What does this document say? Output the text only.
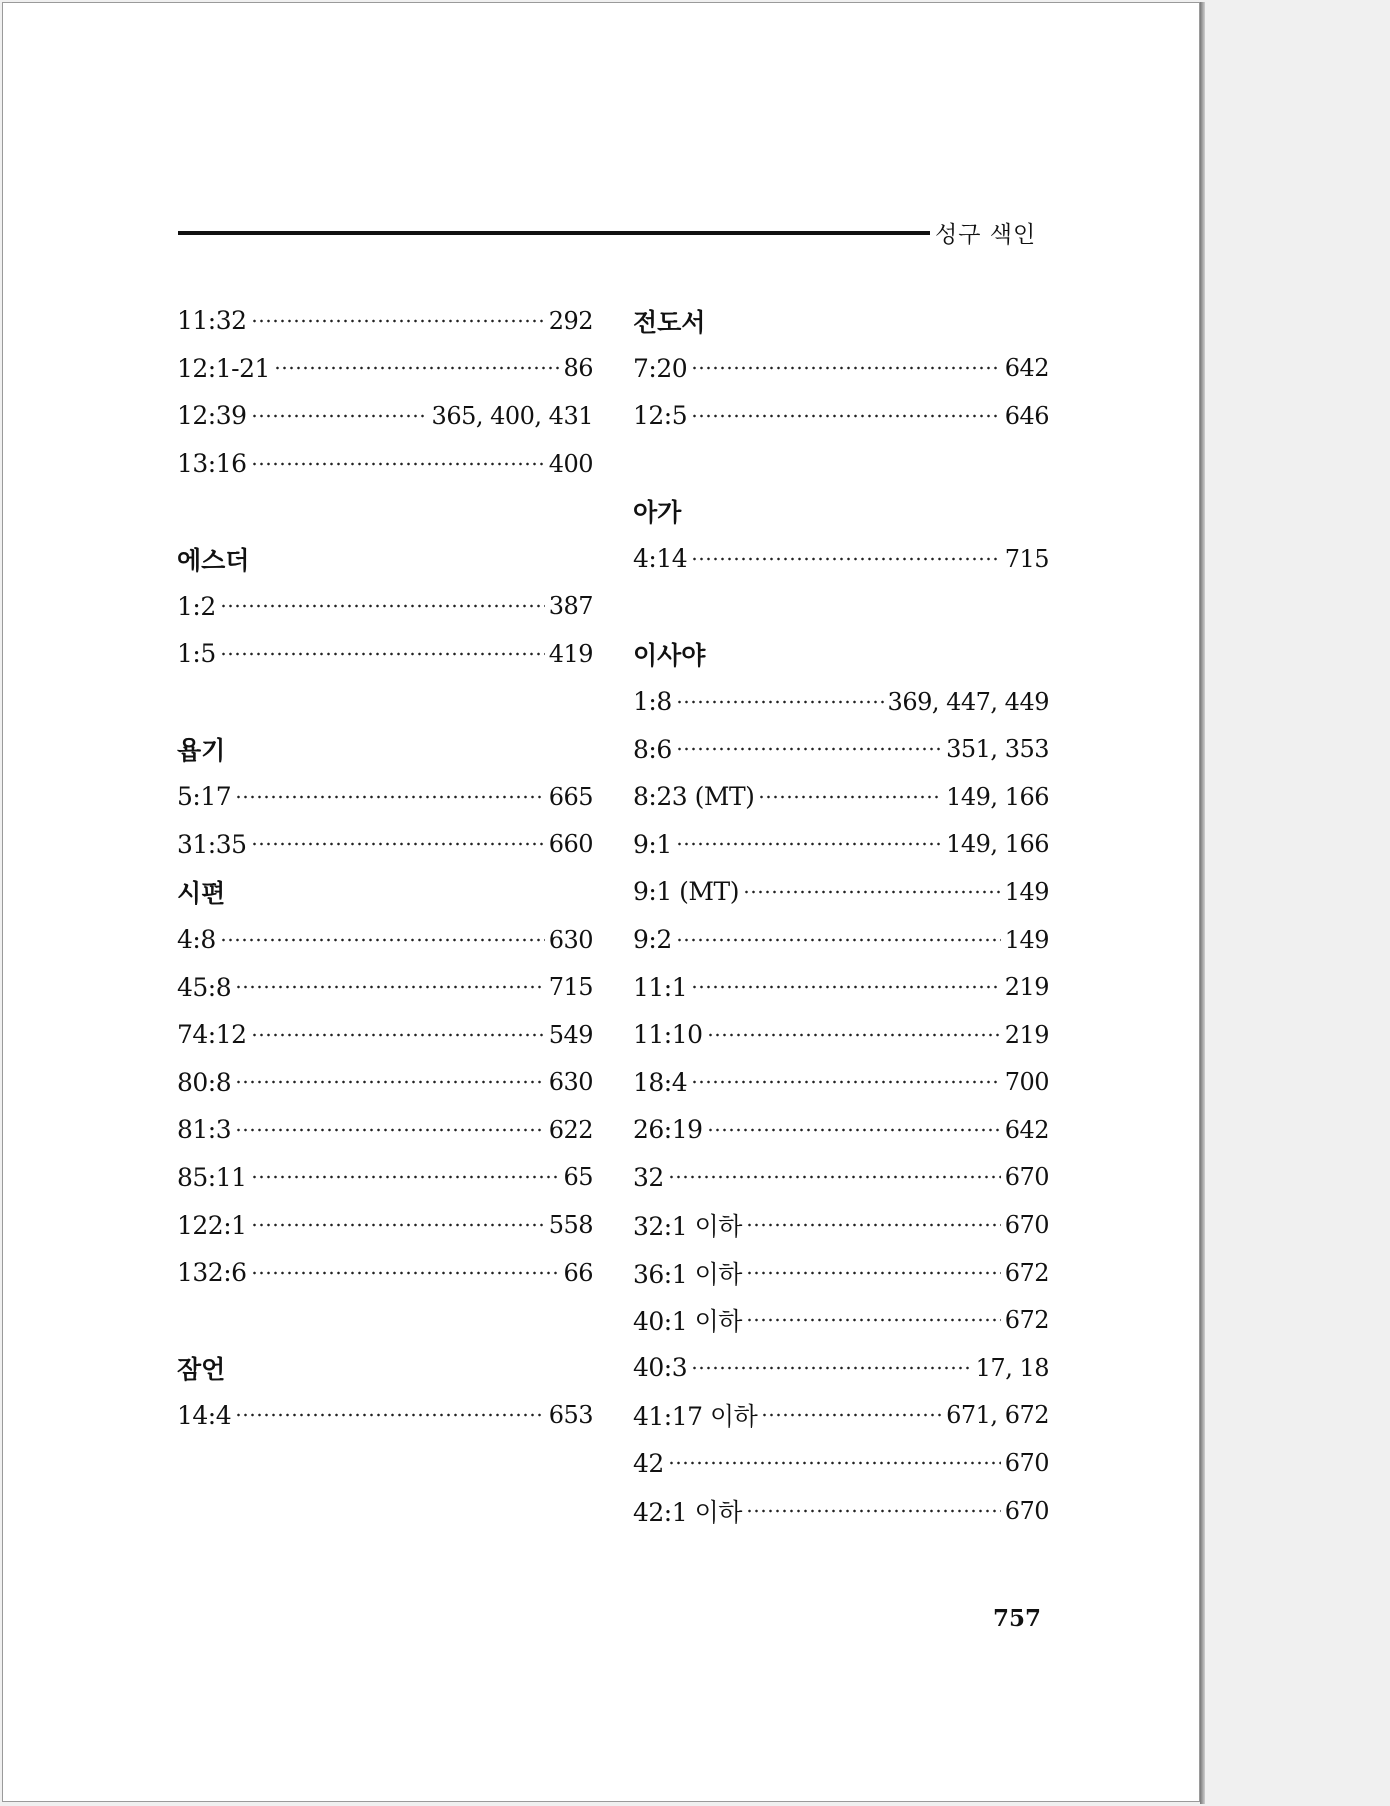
성구 색인
11:32	292
12:1-21	86
12:39	365, 400, 431
13:16	400
에스더
1:2	387
1:5	419
욥기
5:17	665
31:35	660
시편
4:8	630
45:8	715
74:12	549
80:8	630
81:3	622
85:11	65
122:1	558
132:6	66
잠언
14:4	653
전도서
7:20	642
12:5	646
아가
4:14	715
이사야
1:8	369, 447, 449
8:6	351, 353
8:23 (MT)	149, 166
9:1	149, 166
9:1 (MT)	149
9:2	149
11:1	219
11:10	219
18:4	700
26:19	642
32	670
32:1 이하	670
36:1 이하	672
40:1 이하	672
40:3	17, 18
41:17 이하	671, 672
42	670
42:1 이하	670
757
